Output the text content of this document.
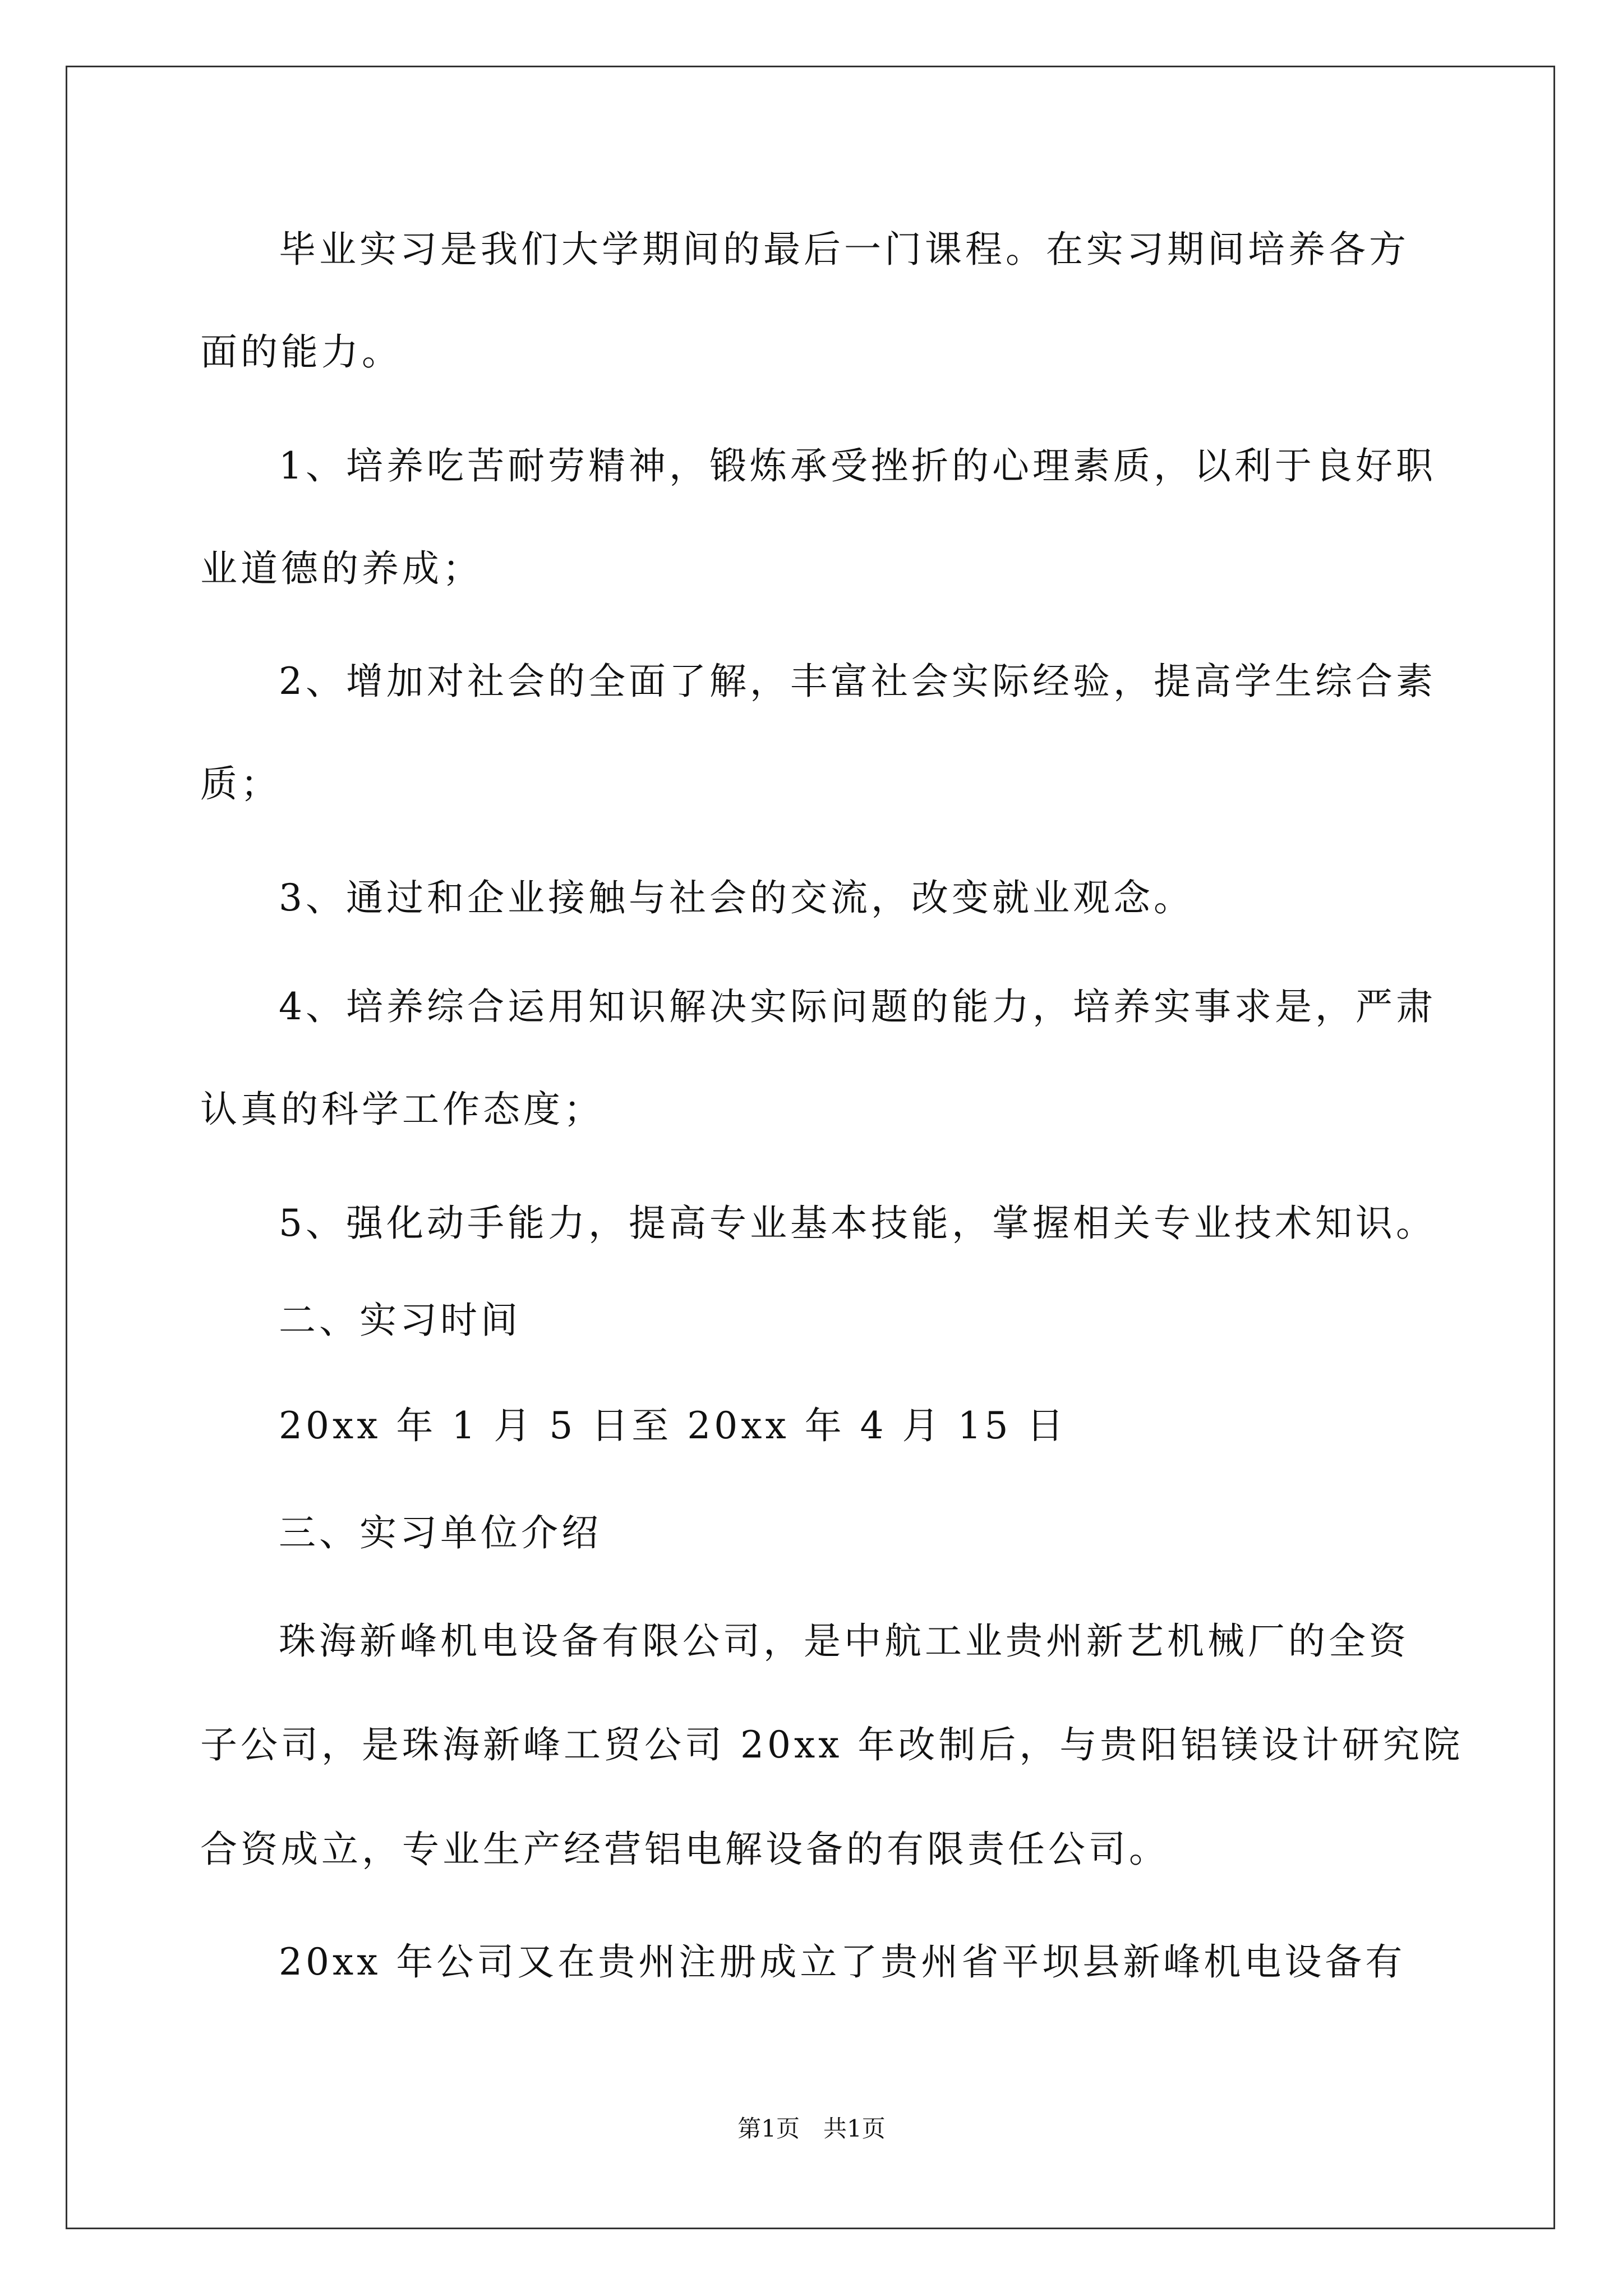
毕业实习是我们大学期间的最后一门课程。在实习期间培养各方
面的能力。
1、培养吃苦耐劳精神，锻炼承受挫折的心理素质，以利于良好职
业道德的养成；
2、增加对社会的全面了解，丰富社会实际经验，提高学生综合素
质；
3、通过和企业接触与社会的交流，改变就业观念。
4、培养综合运用知识解决实际问题的能力，培养实事求是，严肃
认真的科学工作态度；
5、强化动手能力，提高专业基本技能，掌握相关专业技术知识。
二、实习时间
20xx 年 1 月 5 日至 20xx 年 4 月 15 日
三、实习单位介绍
珠海新峰机电设备有限公司，是中航工业贵州新艺机械厂的全资
子公司，是珠海新峰工贸公司 20xx 年改制后，与贵阳铝镁设计研究院
合资成立，专业生产经营铝电解设备的有限责任公司。
20xx 年公司又在贵州注册成立了贵州省平坝县新峰机电设备有
第1页　共1页
